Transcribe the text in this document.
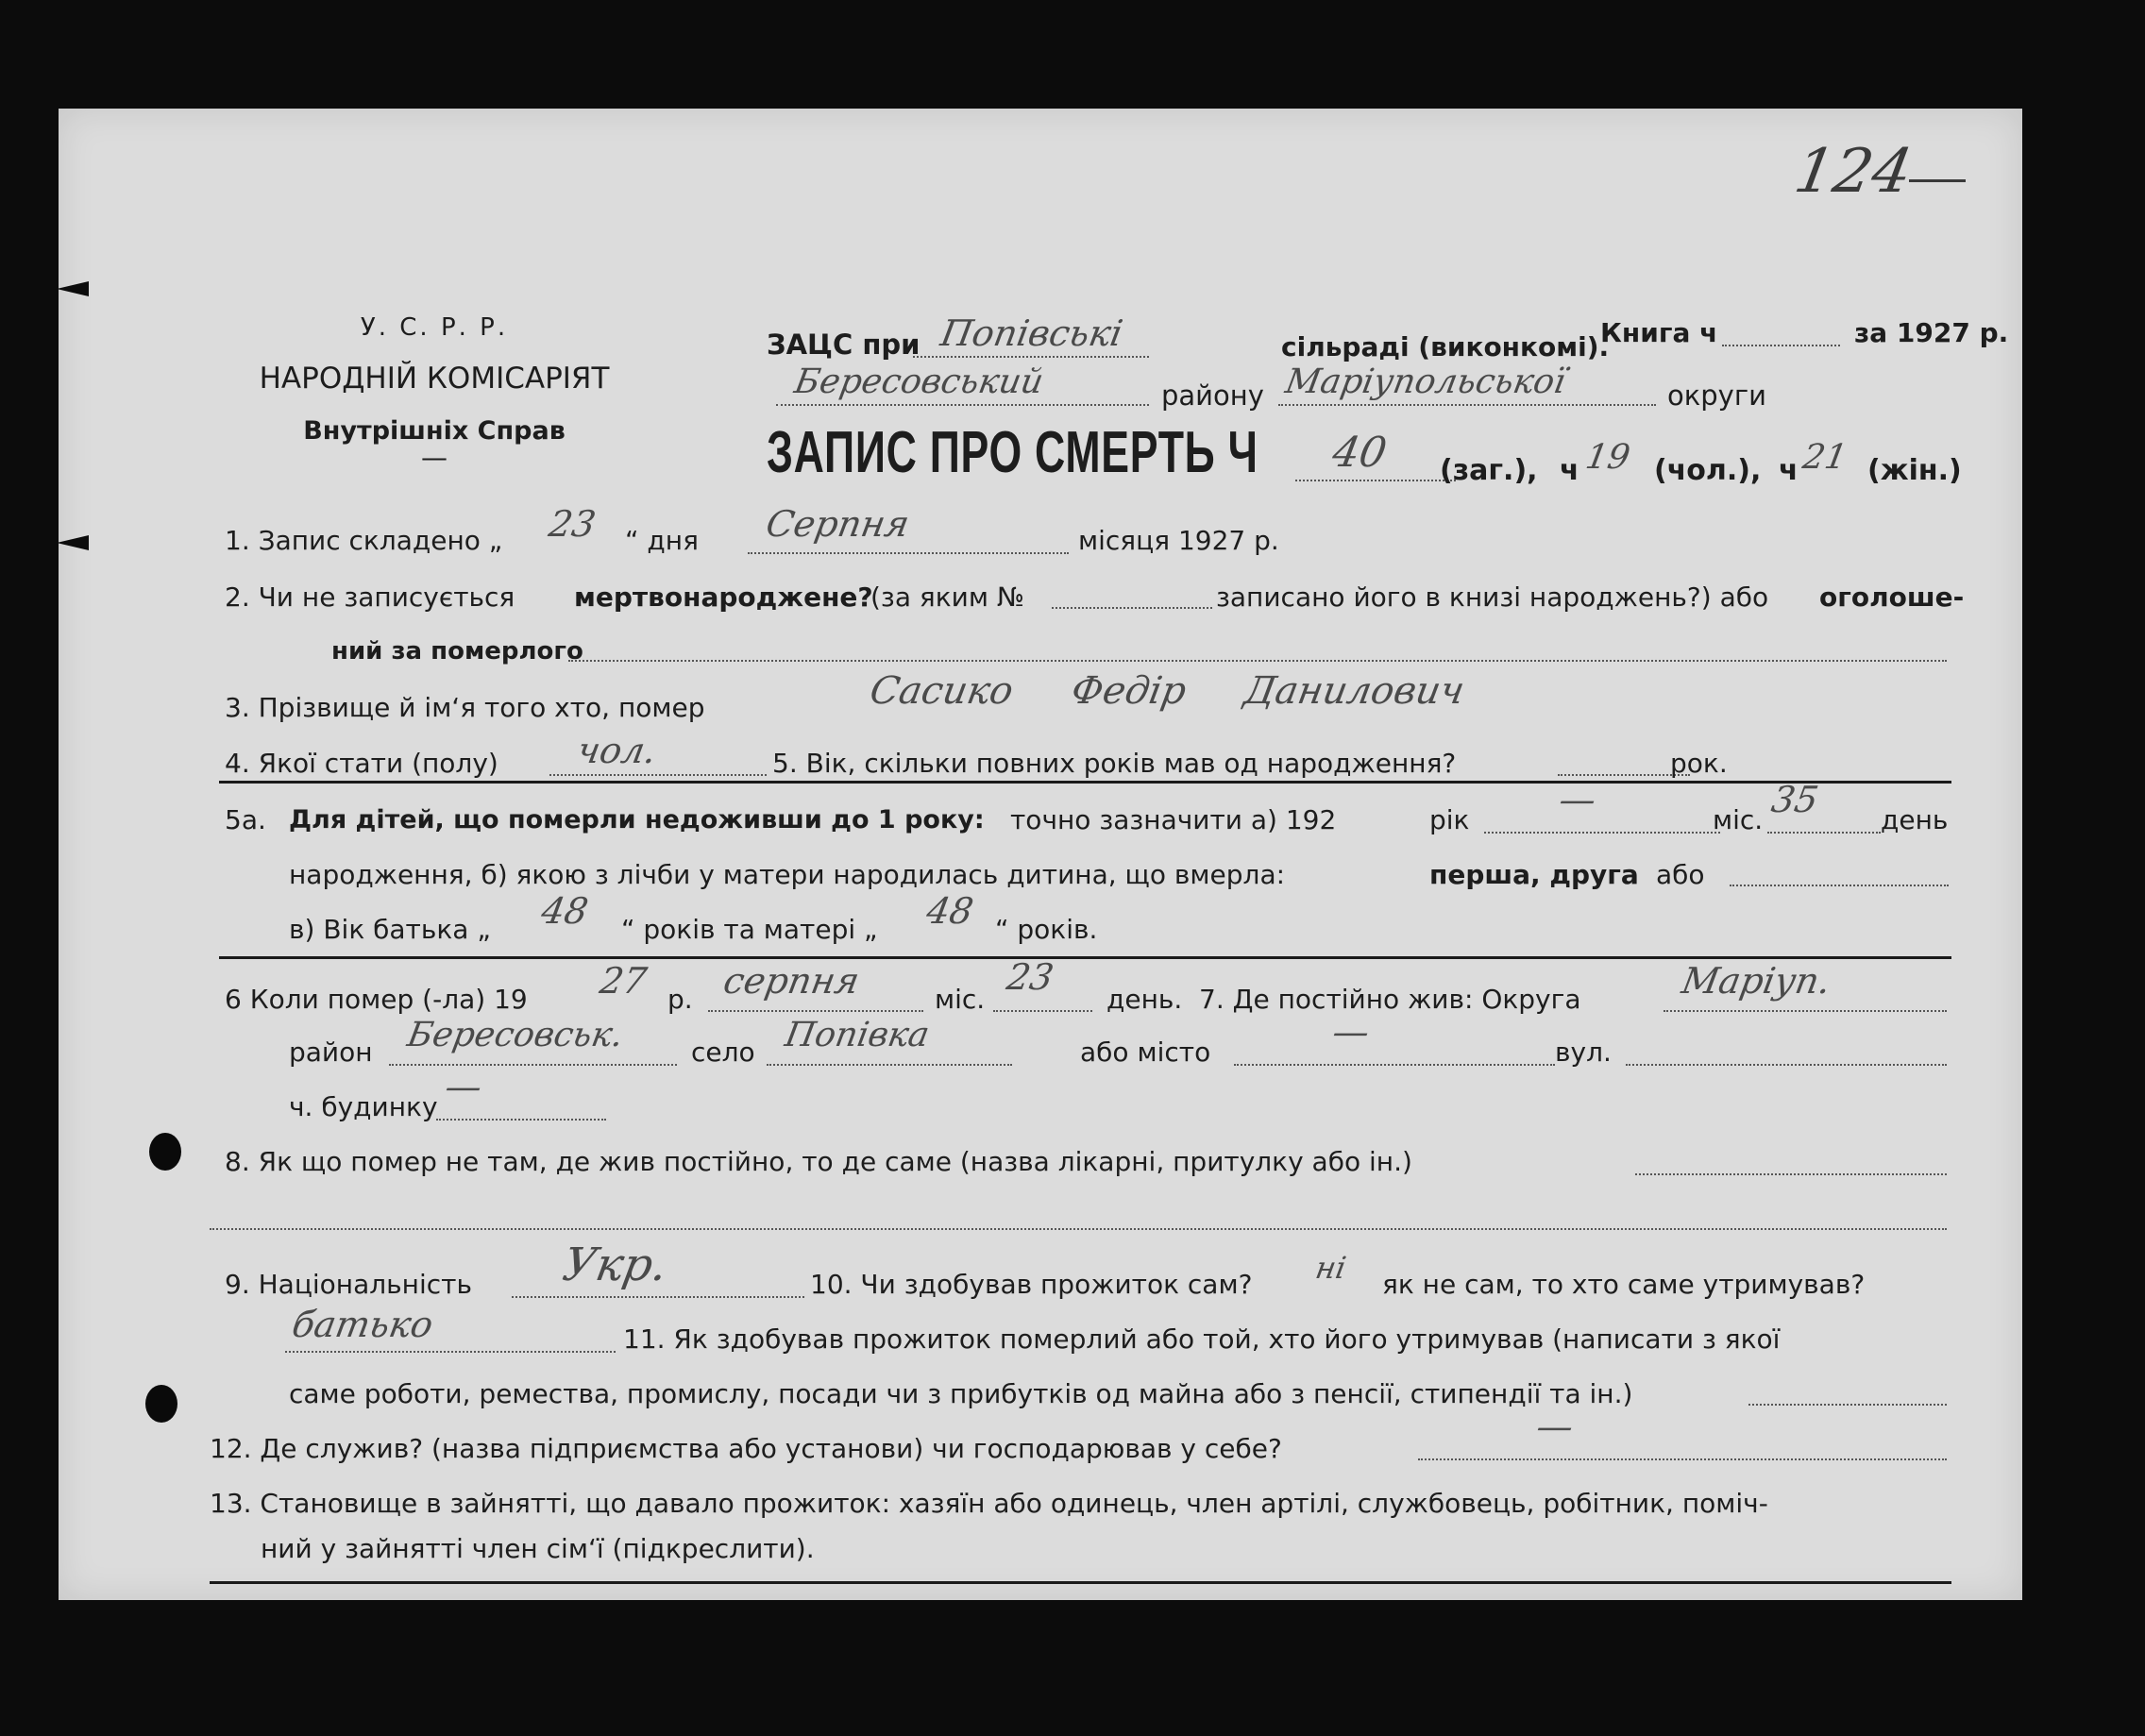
124
У. С. Р. Р.
НАРОДНІЙ КОМІСАРІЯТ
Внутрішніх Справ
—
ЗАЦС при Попівські	сільраді (виконкомі).
Книга ч	за 1927 р.
Бересовський	району Маріупольської	округи
ЗАПИС ПРО СМЕРТЬ Ч 40 (заг.), ч 19 (чол.), ч 21 (жін.)
1. Запис складено „ 23 “ дня Серпня	місяця 1927 р.
2. Чи не записується мертвонароджене?
(за яким №	записано його в книзі народжень?) або оголоше-
ний за померлого
3. Прізвище й ім‘я того хто, помер	Сасико Федір Данилович
4. Якої стати (полу) чол.	5. Вік, скільки повних років мав од народження?	рок.
5а. Для дітей, що померли недоживши до 1 року: точно зазначити а) 192	рік —	міс. 35 день
народження, б) якою з лічби у матери народилась дитина, що вмерла:	перша, друга або
в) Вік батька „ 48 “ років та матері „ 48 “ років.
6 Коли помер (-ла) 19 27 р. серпня	міс.
23
день. 7. Де постійно жив: Округа	Маріуп.
район Бересовськ. село Попівка	або місто	—	вул.
ч. будинку —
8. Як що помер не там, де жив постійно, то де саме (назва лікарні, притулку або ін.)
9. Національність Укр.	10. Чи здобував прожиток сам? ні як не сам, то хто саме утримував?
батько	11. Як здобував прожиток померлий або той, хто його утримував (написати з якої
саме роботи, ремества, промислу, посади чи з прибутків од майна або з пенсії, стипендії та ін.)
12. Де служив? (назва підприємства або установи) чи господарював у себе?
—
13. Становище в зайнятті, що давало прожиток: хазяїн або одинець, член артілі, службовець, робітник, поміч-
ний у зайнятті член сім‘ї (підкреслити).
